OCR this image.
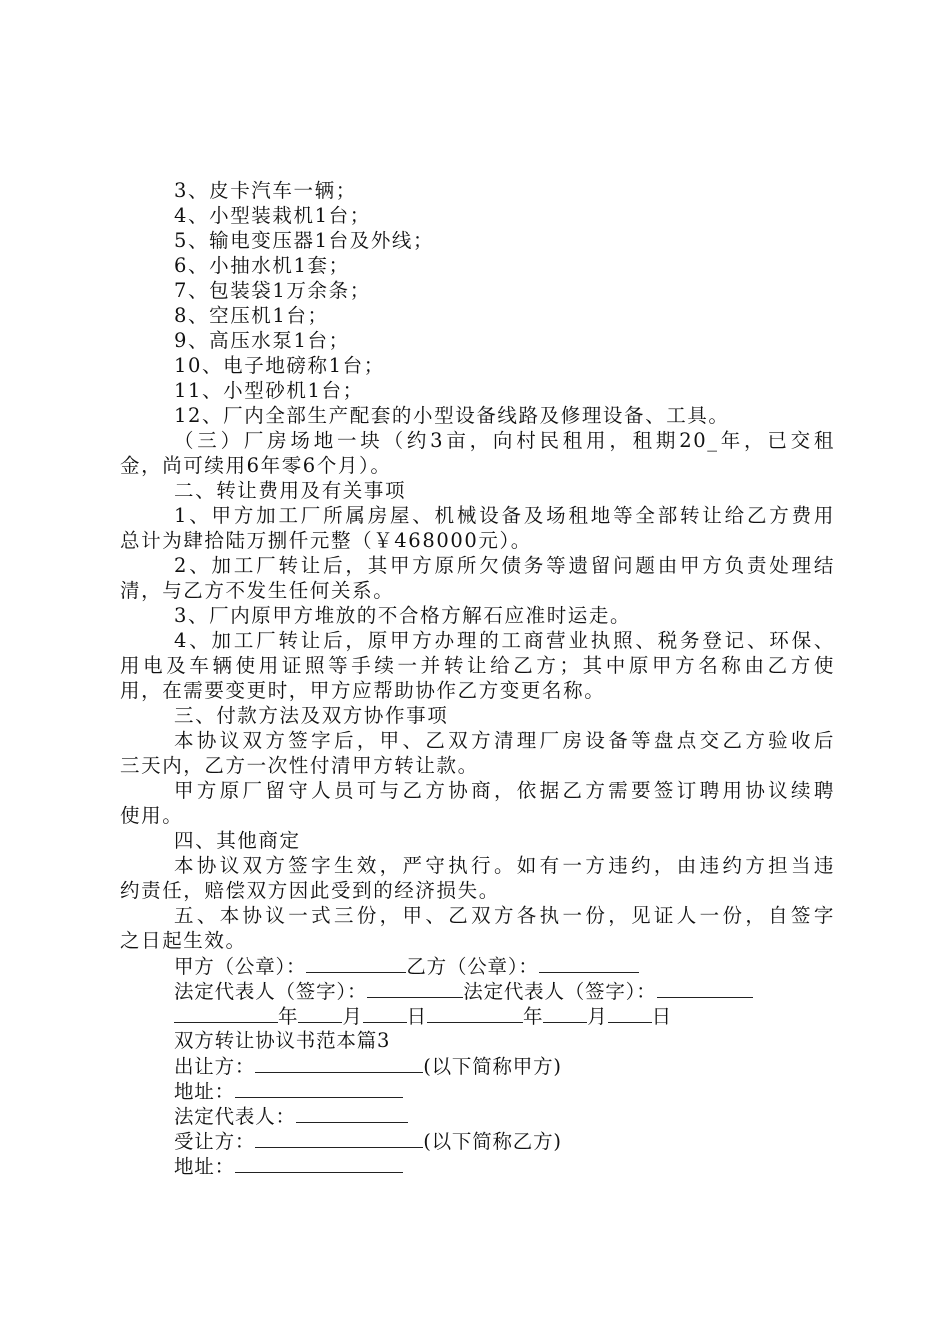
3、皮卡汽车一辆；
4、小型装栽机1台；
5、输电变压器1台及外线；
6、小抽水机1套；
7、包装袋1万余条；
8、空压机1台；
9、高压水泵1台；
10、电子地磅称1台；
11、小型砂机1台；
12、厂内全部生产配套的小型设备线路及修理设备、工具。
（三）厂房场地一块（约3亩，向村民租用，租期20_年，已交租
金，尚可续用6年零6个月）。
二、转让费用及有关事项
1、甲方加工厂所属房屋、机械设备及场租地等全部转让给乙方费用
总计为肆拾陆万捌仟元整（￥468000元）。
2、加工厂转让后，其甲方原所欠债务等遗留问题由甲方负责处理结
清，与乙方不发生任何关系。
3、厂内原甲方堆放的不合格方解石应准时运走。
4、加工厂转让后，原甲方办理的工商营业执照、税务登记、环保、
用电及车辆使用证照等手续一并转让给乙方；其中原甲方名称由乙方使
用，在需要变更时，甲方应帮助协作乙方变更名称。
三、付款方法及双方协作事项
本协议双方签字后，甲、乙双方清理厂房设备等盘点交乙方验收后
三天内，乙方一次性付清甲方转让款。
甲方原厂留守人员可与乙方协商，依据乙方需要签订聘用协议续聘
使用。
四、其他商定
本协议双方签字生效，严守执行。如有一方违约，由违约方担当违
约责任，赔偿双方因此受到的经济损失。
五、本协议一式三份，甲、乙双方各执一份，见证人一份，自签字
之日起生效。
甲方（公章）：	乙方（公章）：
法定代表人（签字）：	法定代表人（签字）：
年 月 日	年 月 日
双方转让协议书范本篇3
出让方：	(以下简称甲方)
地址：
法定代表人：
受让方：	(以下简称乙方)
地址：
